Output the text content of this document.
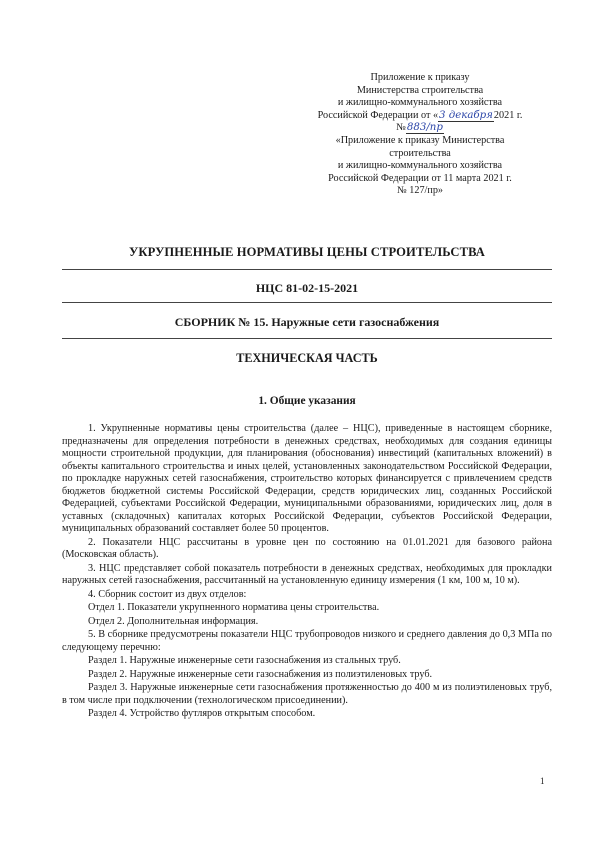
Приложение к приказу
Министерства строительства
и жилищно-коммунального хозяйства
Российской Федерации от «3 декабря2021 г.
№883/пр
«Приложение к приказу Министерства
строительства
и жилищно-коммунального хозяйства
Российской Федерации от 11 марта 2021 г.
№ 127/пр»
УКРУПНЕННЫЕ НОРМАТИВЫ ЦЕНЫ СТРОИТЕЛЬСТВА
НЦС 81-02-15-2021
СБОРНИК № 15. Наружные сети газоснабжения
ТЕХНИЧЕСКАЯ ЧАСТЬ
1. Общие указания

1. Укрупненные нормативы цены строительства (далее – НЦС), приведенные в настоящем сборнике, предназначены для определения потребности в денежных средствах, необходимых для создания единицы мощности строительной продукции, для планирования (обоснования) инвестиций (капитальных вложений) в объекты капитального строительства и иных целей, установленных законодательством Российской Федерации, по прокладке наружных сетей газоснабжения, строительство которых финансируется с привлечением средств бюджетов бюджетной системы Российской Федерации, средств юридических лиц, созданных Российской Федерацией, субъектами Российской Федерации, муниципальными образованиями, юридических лиц, доля в уставных (складочных) капиталах которых Российской Федерации, субъектов Российской Федерации, муниципальных образований составляет более 50 процентов.

2. Показатели НЦС рассчитаны в уровне цен по состоянию на 01.01.2021 для базового района (Московская область).

3. НЦС представляет собой показатель потребности в денежных средствах, необходимых для прокладки наружных сетей газоснабжения, рассчитанный на установленную единицу измерения (1 км, 100 м, 10 м).

4. Сборник состоит из двух отделов:

Отдел 1. Показатели укрупненного норматива цены строительства.

Отдел 2. Дополнительная информация.

5. В сборнике предусмотрены показатели НЦС трубопроводов низкого и среднего давления до 0,3 МПа по следующему перечню:

Раздел 1. Наружные инженерные сети газоснабжения из стальных труб.

Раздел 2. Наружные инженерные сети газоснабжения из полиэтиленовых труб.

Раздел 3. Наружные инженерные сети газоснабжения протяженностью до 400 м из полиэтиленовых труб, в том числе при подключении (технологическом присоединении).

Раздел 4. Устройство футляров открытым способом.

1
